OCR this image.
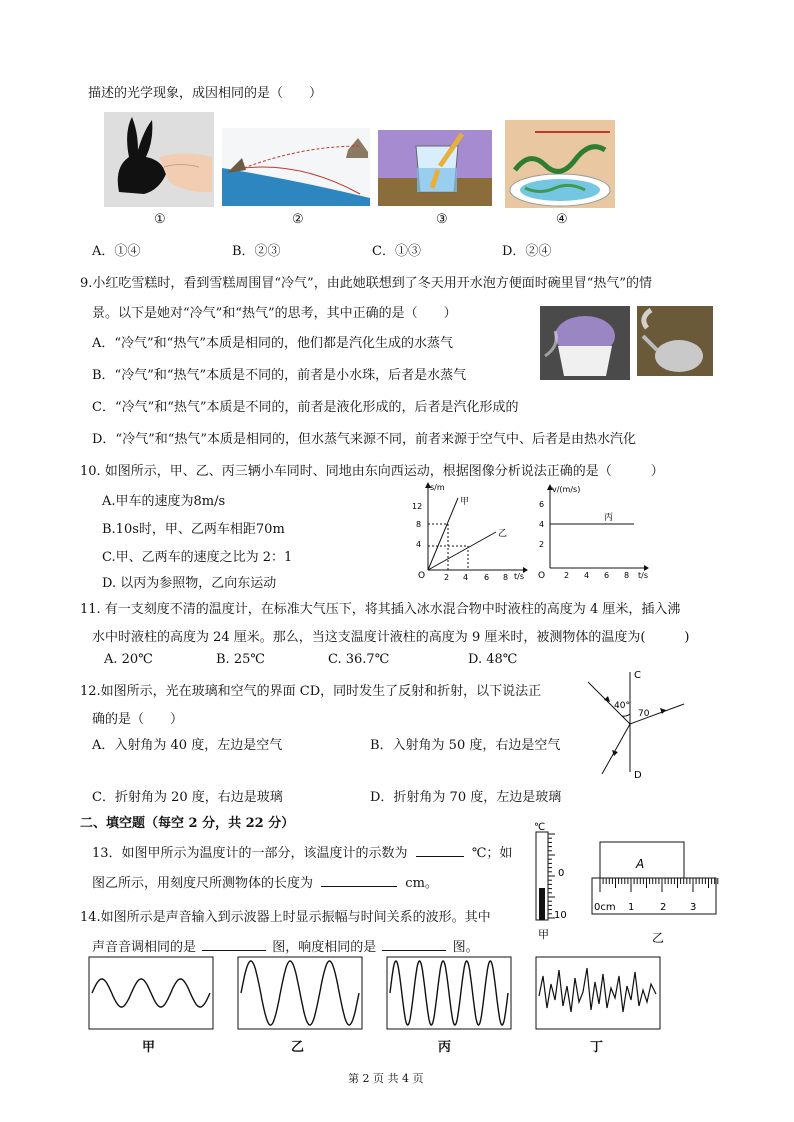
描述的光学现象，成因相同的是（　　）
①	②	③	④
A．①④	B．②③	C．①③	D．②④
9.小红吃雪糕时，看到雪糕周围冒“冷气”，由此她联想到了冬天用开水泡方便面时碗里冒“热气”的情
景。以下是她对“冷气”和“热气”的思考，其中正确的是（　　）
A．“冷气”和“热气”本质是相同的，他们都是汽化生成的水蒸气
B．“冷气”和“热气”本质是不同的，前者是小水珠，后者是水蒸气
C．“冷气”和“热气”本质是不同的，前者是液化形成的，后者是汽化形成的
D．“冷气”和“热气”本质是相同的，但水蒸气来源不同，前者来源于空气中、后者是由热水汽化
10. 如图所示，甲、乙、丙三辆小车同时、同地由东向西运动，根据图像分析说法正确的是（　　　）
A.甲车的速度为8m/s
B.10s时，甲、乙两车相距70m
C.甲、乙两车的速度之比为 2：1
D. 以丙为参照物，乙向东运动
s/m
t/s
O
4
8
12
2 4 6 8
甲
乙
v/(m/s)
t/s
O
2
4
6
2 4 6 8
丙
11. 有一支刻度不清的温度计，在标准大气压下，将其插入冰水混合物中时液柱的高度为 4 厘米，插入沸
水中时液柱的高度为 24 厘米。那么，当这支温度计液柱的高度为 9 厘米时，被测物体的温度为(　　　)
A. 20℃	B. 25℃	C. 36.7℃	D. 48℃
12.如图所示，光在玻璃和空气的界面 CD，同时发生了反射和折射，以下说法正
确的是（　　）
A．入射角为 40 度，左边是空气	B．入射角为 50 度，右边是空气
C．折射角为 20 度，右边是玻璃	D．折射角为 70 度，左边是玻璃
C
D
40°
70
二、填空题（每空 2 分，共 22 分）
13．如图甲所示为温度计的一部分，该温度计的示数为	℃；如
图乙所示，用刻度尺所测物体的长度为	cm。
℃
0
10
甲
A
0cm 1	2 3
乙
14.如图所示是声音输入到示波器上时显示振幅与时间关系的波形。其中
声音音调相同的是	图，响度相同的是	图。
甲	乙	丙	丁
第 2 页 共 4 页
